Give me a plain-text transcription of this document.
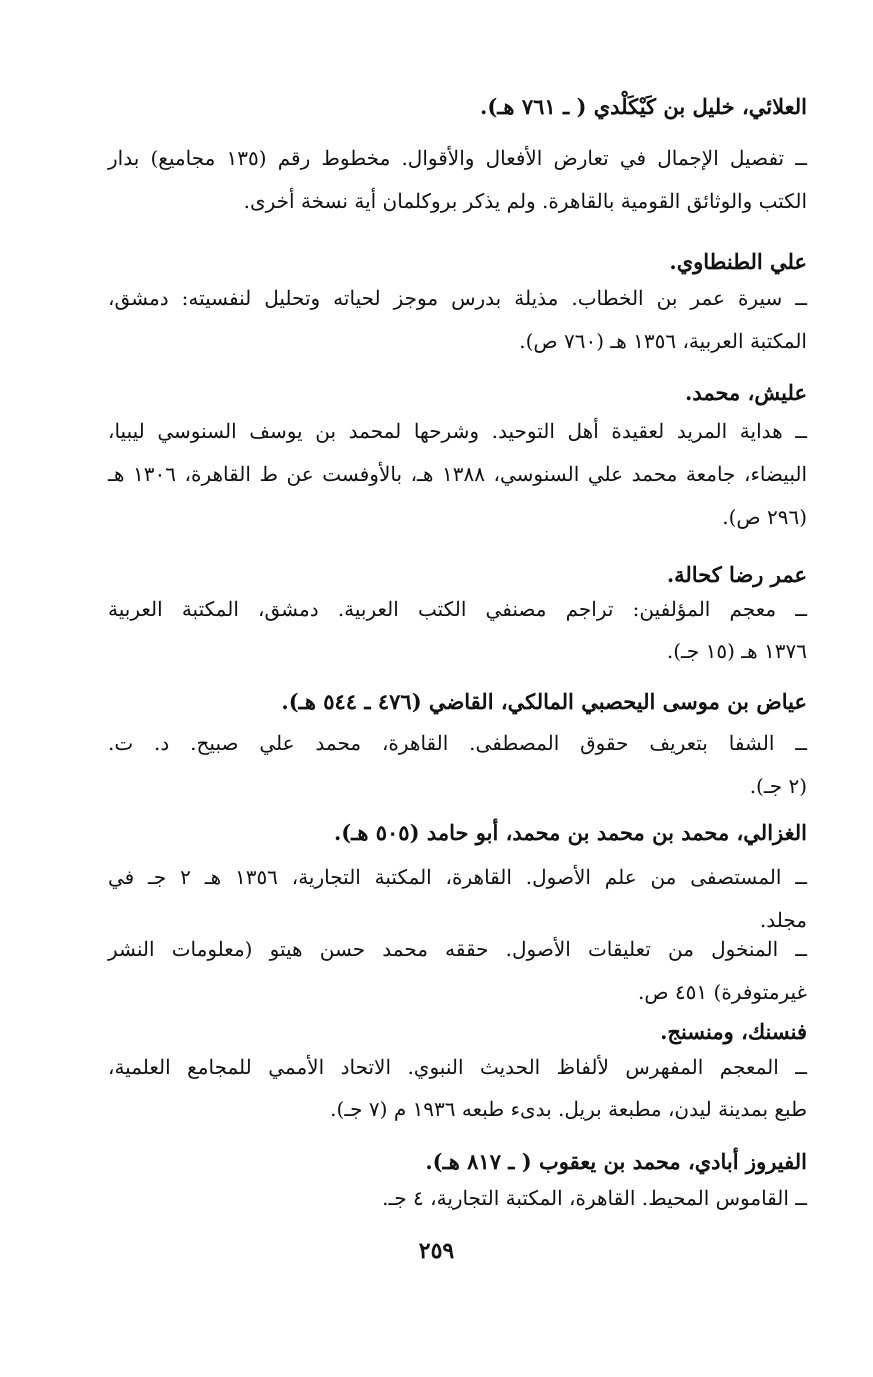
العلائي، خليل بن كَيْكَلْدي ( ـ ٧٦١ هـ).
ــ تفصيل الإجمال في تعارض الأفعال والأقوال. مخطوط رقم (١٣٥ مجاميع) بدار
الكتب والوثائق القومية بالقاهرة. ولم يذكر بروكلمان أية نسخة أخرى.
علي الطنطاوي.
ــ سيرة عمر بن الخطاب. مذيلة بدرس موجز لحياته وتحليل لنفسيته: دمشق،
المكتبة العربية، ١٣٥٦ هـ (٧٦٠ ص).
عليش، محمد.
ــ هداية المريد لعقيدة أهل التوحيد. وشرحها لمحمد بن يوسف السنوسي ليبيا،
البيضاء، جامعة محمد علي السنوسي، ١٣٨٨ هـ، بالأوفست عن ط القاهرة، ١٣٠٦ هـ
(٢٩٦ ص).
عمر رضا كحالة.
ــ معجم المؤلفين: تراجم مصنفي الكتب العربية. دمشق، المكتبة العربية
١٣٧٦ هـ (١٥ جـ).
عياض بن موسى اليحصبي المالكي، القاضي (٤٧٦ ـ ٥٤٤ هـ).
ــ الشفا بتعريف حقوق المصطفى. القاهرة، محمد علي صبيح. د. ت.
(٢ جـ).
الغزالي، محمد بن محمد بن محمد، أبو حامد (٥٠٥ هـ).
ــ المستصفى من علم الأصول. القاهرة، المكتبة التجارية، ١٣٥٦ هـ ٢ جـ في
مجلد.
ــ المنخول من تعليقات الأصول. حققه محمد حسن هيتو (معلومات النشر
غيرمتوفرة) ٤٥١ ص.
فنسنك، ومنسنج.
ــ المعجم المفهرس لألفاظ الحديث النبوي. الاتحاد الأممي للمجامع العلمية،
طبع بمدينة ليدن، مطبعة بريل. بدىء طبعه ١٩٣٦ م (٧ جـ).
الفيروز أبادي، محمد بن يعقوب ( ـ ٨١٧ هـ).
ــ القاموس المحيط. القاهرة، المكتبة التجارية، ٤ جـ.
٢٥٩
